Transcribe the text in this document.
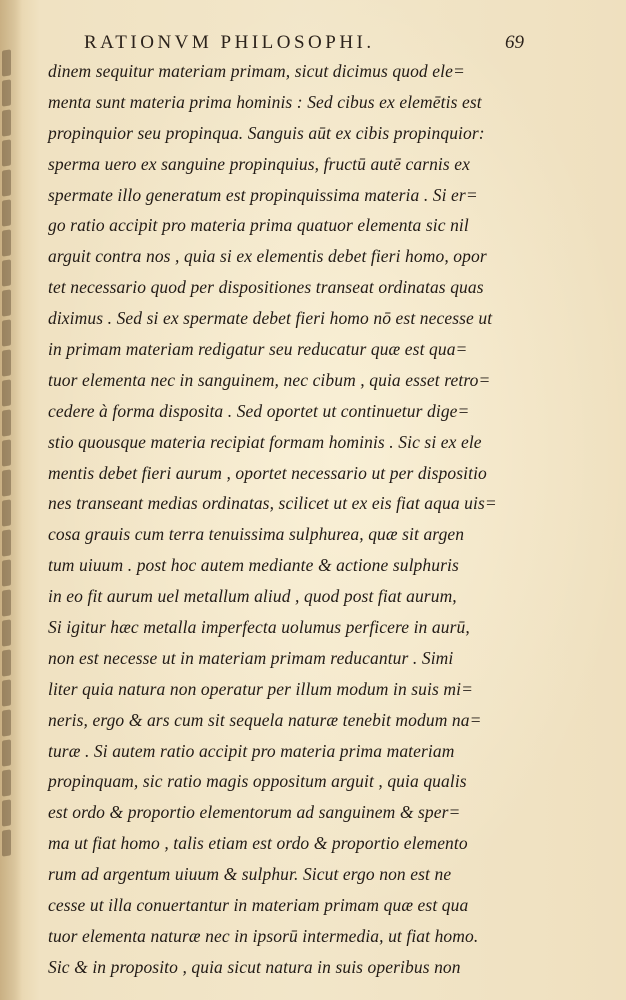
RATIONVM PHILOSOPHI.	69
dinem sequitur materiam primam, sicut dicimus quod ele=
menta sunt materia prima hominis : Sed cibus ex elemētis est
propinquior seu propinqua. Sanguis aūt ex cibis propinquior:
sperma uero ex sanguine propinquius, fructū autē carnis ex
spermate illo generatum est propinquissima materia . Si er=
go ratio accipit pro materia prima quatuor elementa sic nil
arguit contra nos , quia si ex elementis debet fieri homo, opor
tet necessario quod per dispositiones transeat ordinatas quas
diximus . Sed si ex spermate debet fieri homo nō est necesse ut
in primam materiam redigatur seu reducatur quæ est qua=
tuor elementa nec in sanguinem, nec cibum , quia esset retro=
cedere à forma disposita . Sed oportet ut continuetur dige=
stio quousque materia recipiat formam hominis . Sic si ex ele
mentis debet fieri aurum , oportet necessario ut per dispositio
nes transeant medias ordinatas, scilicet ut ex eis fiat aqua uis=
cosa grauis cum terra tenuissima sulphurea, quæ sit argen
tum uiuum . post hoc autem mediante & actione sulphuris
in eo fit aurum uel metallum aliud , quod post fiat aurum,
Si igitur hæc metalla imperfecta uolumus perficere in aurū,
non est necesse ut in materiam primam reducantur . Simi
liter quia natura non operatur per illum modum in suis mi=
neris, ergo & ars cum sit sequela naturæ tenebit modum na=
turæ . Si autem ratio accipit pro materia prima materiam
propinquam, sic ratio magis oppositum arguit , quia qualis
est ordo & proportio elementorum ad sanguinem & sper=
ma ut fiat homo , talis etiam est ordo & proportio elemento
rum ad argentum uiuum & sulphur. Sicut ergo non est ne
cesse ut illa conuertantur in materiam primam quæ est qua
tuor elementa naturæ nec in ipsorū intermedia, ut fiat homo.
Sic & in proposito , quia sicut natura in suis operibus non
